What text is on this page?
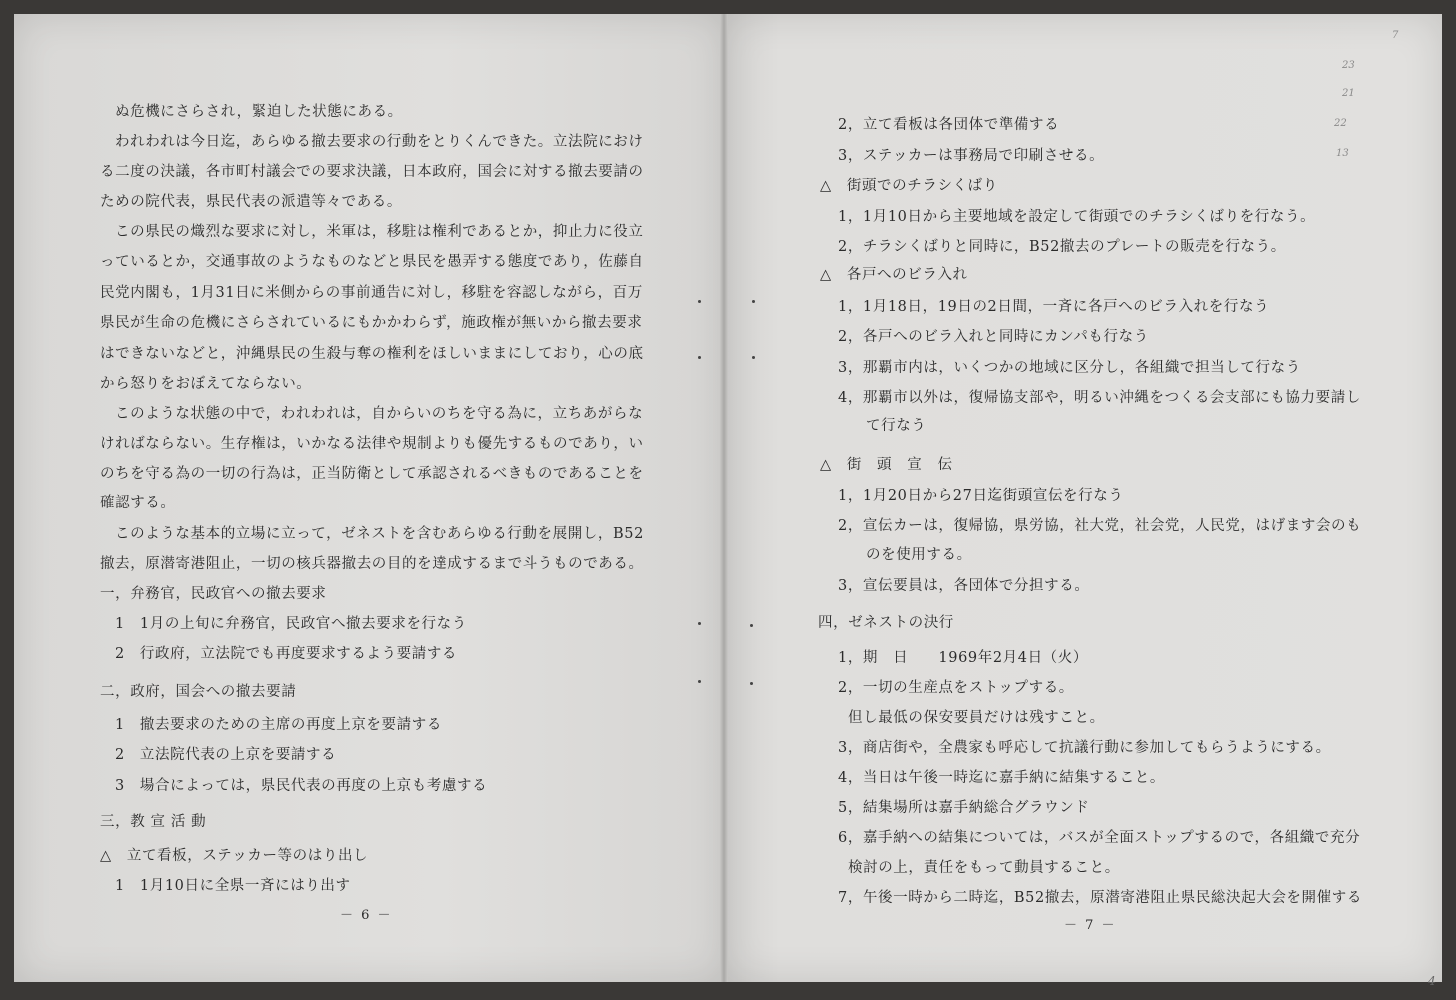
ぬ危機にさらされ，緊迫した状態にある。
われわれは今日迄，あらゆる撤去要求の行動をとりくんできた。立法院におけ
る二度の決議，各市町村議会での要求決議，日本政府，国会に対する撤去要請の
ための院代表，県民代表の派遣等々である。
この県民の熾烈な要求に対し，米軍は，移駐は権利であるとか，抑止力に役立
っているとか，交通事故のようなものなどと県民を愚弄する態度であり，佐藤自
民党内閣も，1月31日に米側からの事前通告に対し，移駐を容認しながら，百万
県民が生命の危機にさらされているにもかかわらず，施政権が無いから撤去要求
はできないなどと，沖縄県民の生殺与奪の権利をほしいままにしており，心の底
から怒りをおぼえてならない。
このような状態の中で，われわれは，自からいのちを守る為に，立ちあがらな
ければならない。生存権は，いかなる法律や規制よりも優先するものであり，い
のちを守る為の一切の行為は，正当防衛として承認されるべきものであることを
確認する。
このような基本的立場に立って，ゼネストを含むあらゆる行動を展開し，B52
撤去，原潜寄港阻止，一切の核兵器撤去の目的を達成するまで斗うものである。
一，弁務官，民政官への撤去要求
1　1月の上旬に弁務官，民政官へ撤去要求を行なう
2　行政府，立法院でも再度要求するよう要請する
二，政府，国会への撤去要請
1　撤去要求のための主席の再度上京を要請する
2　立法院代表の上京を要請する
3　場合によっては，県民代表の再度の上京も考慮する
三，教 宣 活 動
△　立て看板，ステッカー等のはり出し
1　1月10日に全県一斉にはり出す
－ 6 －
7
23
21
22
13
2，立て看板は各団体で準備する
3，ステッカーは事務局で印刷させる。
△　街頭でのチラシくばり
1，1月10日から主要地域を設定して街頭でのチラシくばりを行なう。
2，チラシくばりと同時に，B52撤去のプレートの販売を行なう。
△　各戸へのビラ入れ
1，1月18日，19日の2日間，一斉に各戸へのビラ入れを行なう
2，各戸へのビラ入れと同時にカンパも行なう
3，那覇市内は，いくつかの地域に区分し，各組織で担当して行なう
4，那覇市以外は，復帰協支部や，明るい沖縄をつくる会支部にも協力要請し
て行なう
△　街　頭　宣　伝
1，1月20日から27日迄街頭宣伝を行なう
2，宣伝カーは，復帰協，県労協，社大党，社会党，人民党，はげます会のも
のを使用する。
3，宣伝要員は，各団体で分担する。
四，ゼネストの決行
1，期　日　　1969年2月4日（火）
2，一切の生産点をストップする。
但し最低の保安要員だけは残すこと。
3，商店街や，全農家も呼応して抗議行動に参加してもらうようにする。
4，当日は午後一時迄に嘉手納に結集すること。
5，結集場所は嘉手納総合グラウンド
6，嘉手納への結集については，バスが全面ストップするので，各組織で充分
検討の上，責任をもって動員すること。
7，午後一時から二時迄，B52撤去，原潜寄港阻止県民総決起大会を開催する
－ 7 －
4
